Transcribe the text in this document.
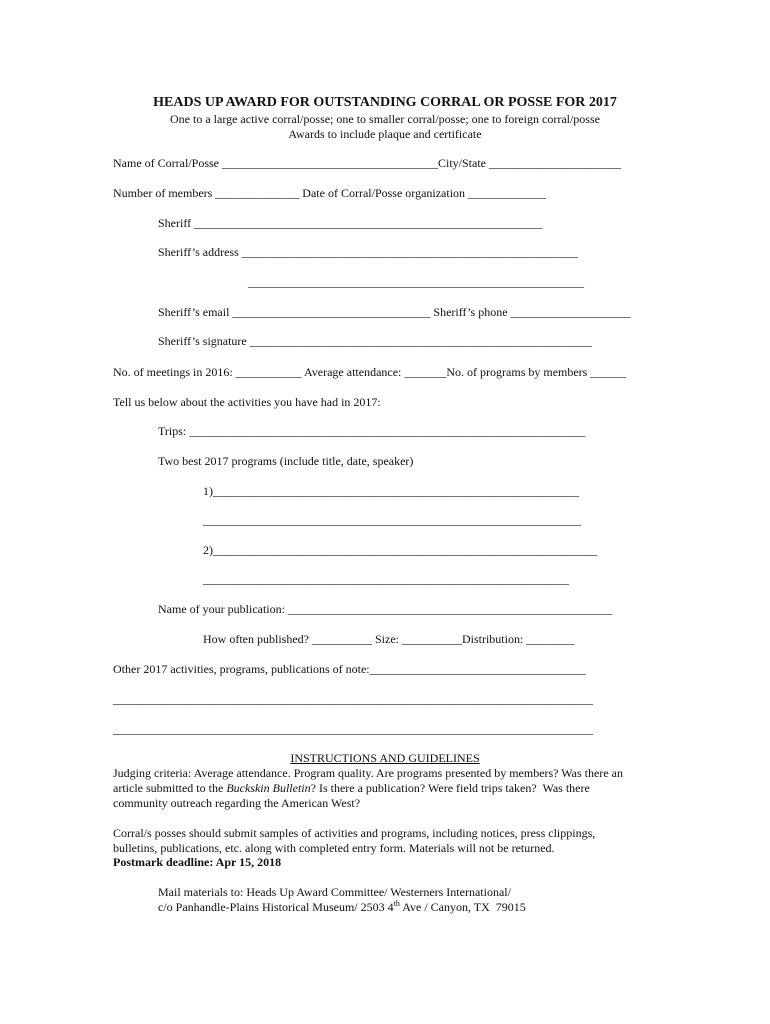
HEADS UP AWARD FOR OUTSTANDING CORRAL OR POSSE FOR 2017
One to a large active corral/posse; one to smaller corral/posse; one to foreign corral/posse
Awards to include plaque and certificate
Name of Corral/Posse ____________________________________City/State ______________________
Number of members ______________ Date of Corral/Posse organization _____________
Sheriff __________________________________________________________
Sheriff’s address ________________________________________________________
________________________________________________________
Sheriff’s email _________________________________ Sheriff’s phone ____________________
Sheriff’s signature _________________________________________________________
No. of meetings in 2016: ___________ Average attendance: _______No. of programs by members ______
Tell us below about the activities you have had in 2017:
Trips: __________________________________________________________________
Two best 2017 programs (include title, date, speaker)
1)_____________________________________________________________
_______________________________________________________________
2)________________________________________________________________
_____________________________________________________________
Name of your publication: ______________________________________________________
How often published? __________ Size: __________Distribution: ________
Other 2017 activities, programs, publications of note:____________________________________
________________________________________________________________________________
________________________________________________________________________________
INSTRUCTIONS AND GUIDELINES
Judging criteria: Average attendance. Program quality. Are programs presented by members? Was there an
article submitted to the Buckskin Bulletin? Is there a publication? Were field trips taken?  Was there
community outreach regarding the American West?
Corral/s posses should submit samples of activities and programs, including notices, press clippings,
bulletins, publications, etc. along with completed entry form. Materials will not be returned.
Postmark deadline: Apr 15, 2018
Mail materials to: Heads Up Award Committee/ Westerners International/
c/o Panhandle-Plains Historical Museum/ 2503 4th Ave / Canyon, TX  79015
